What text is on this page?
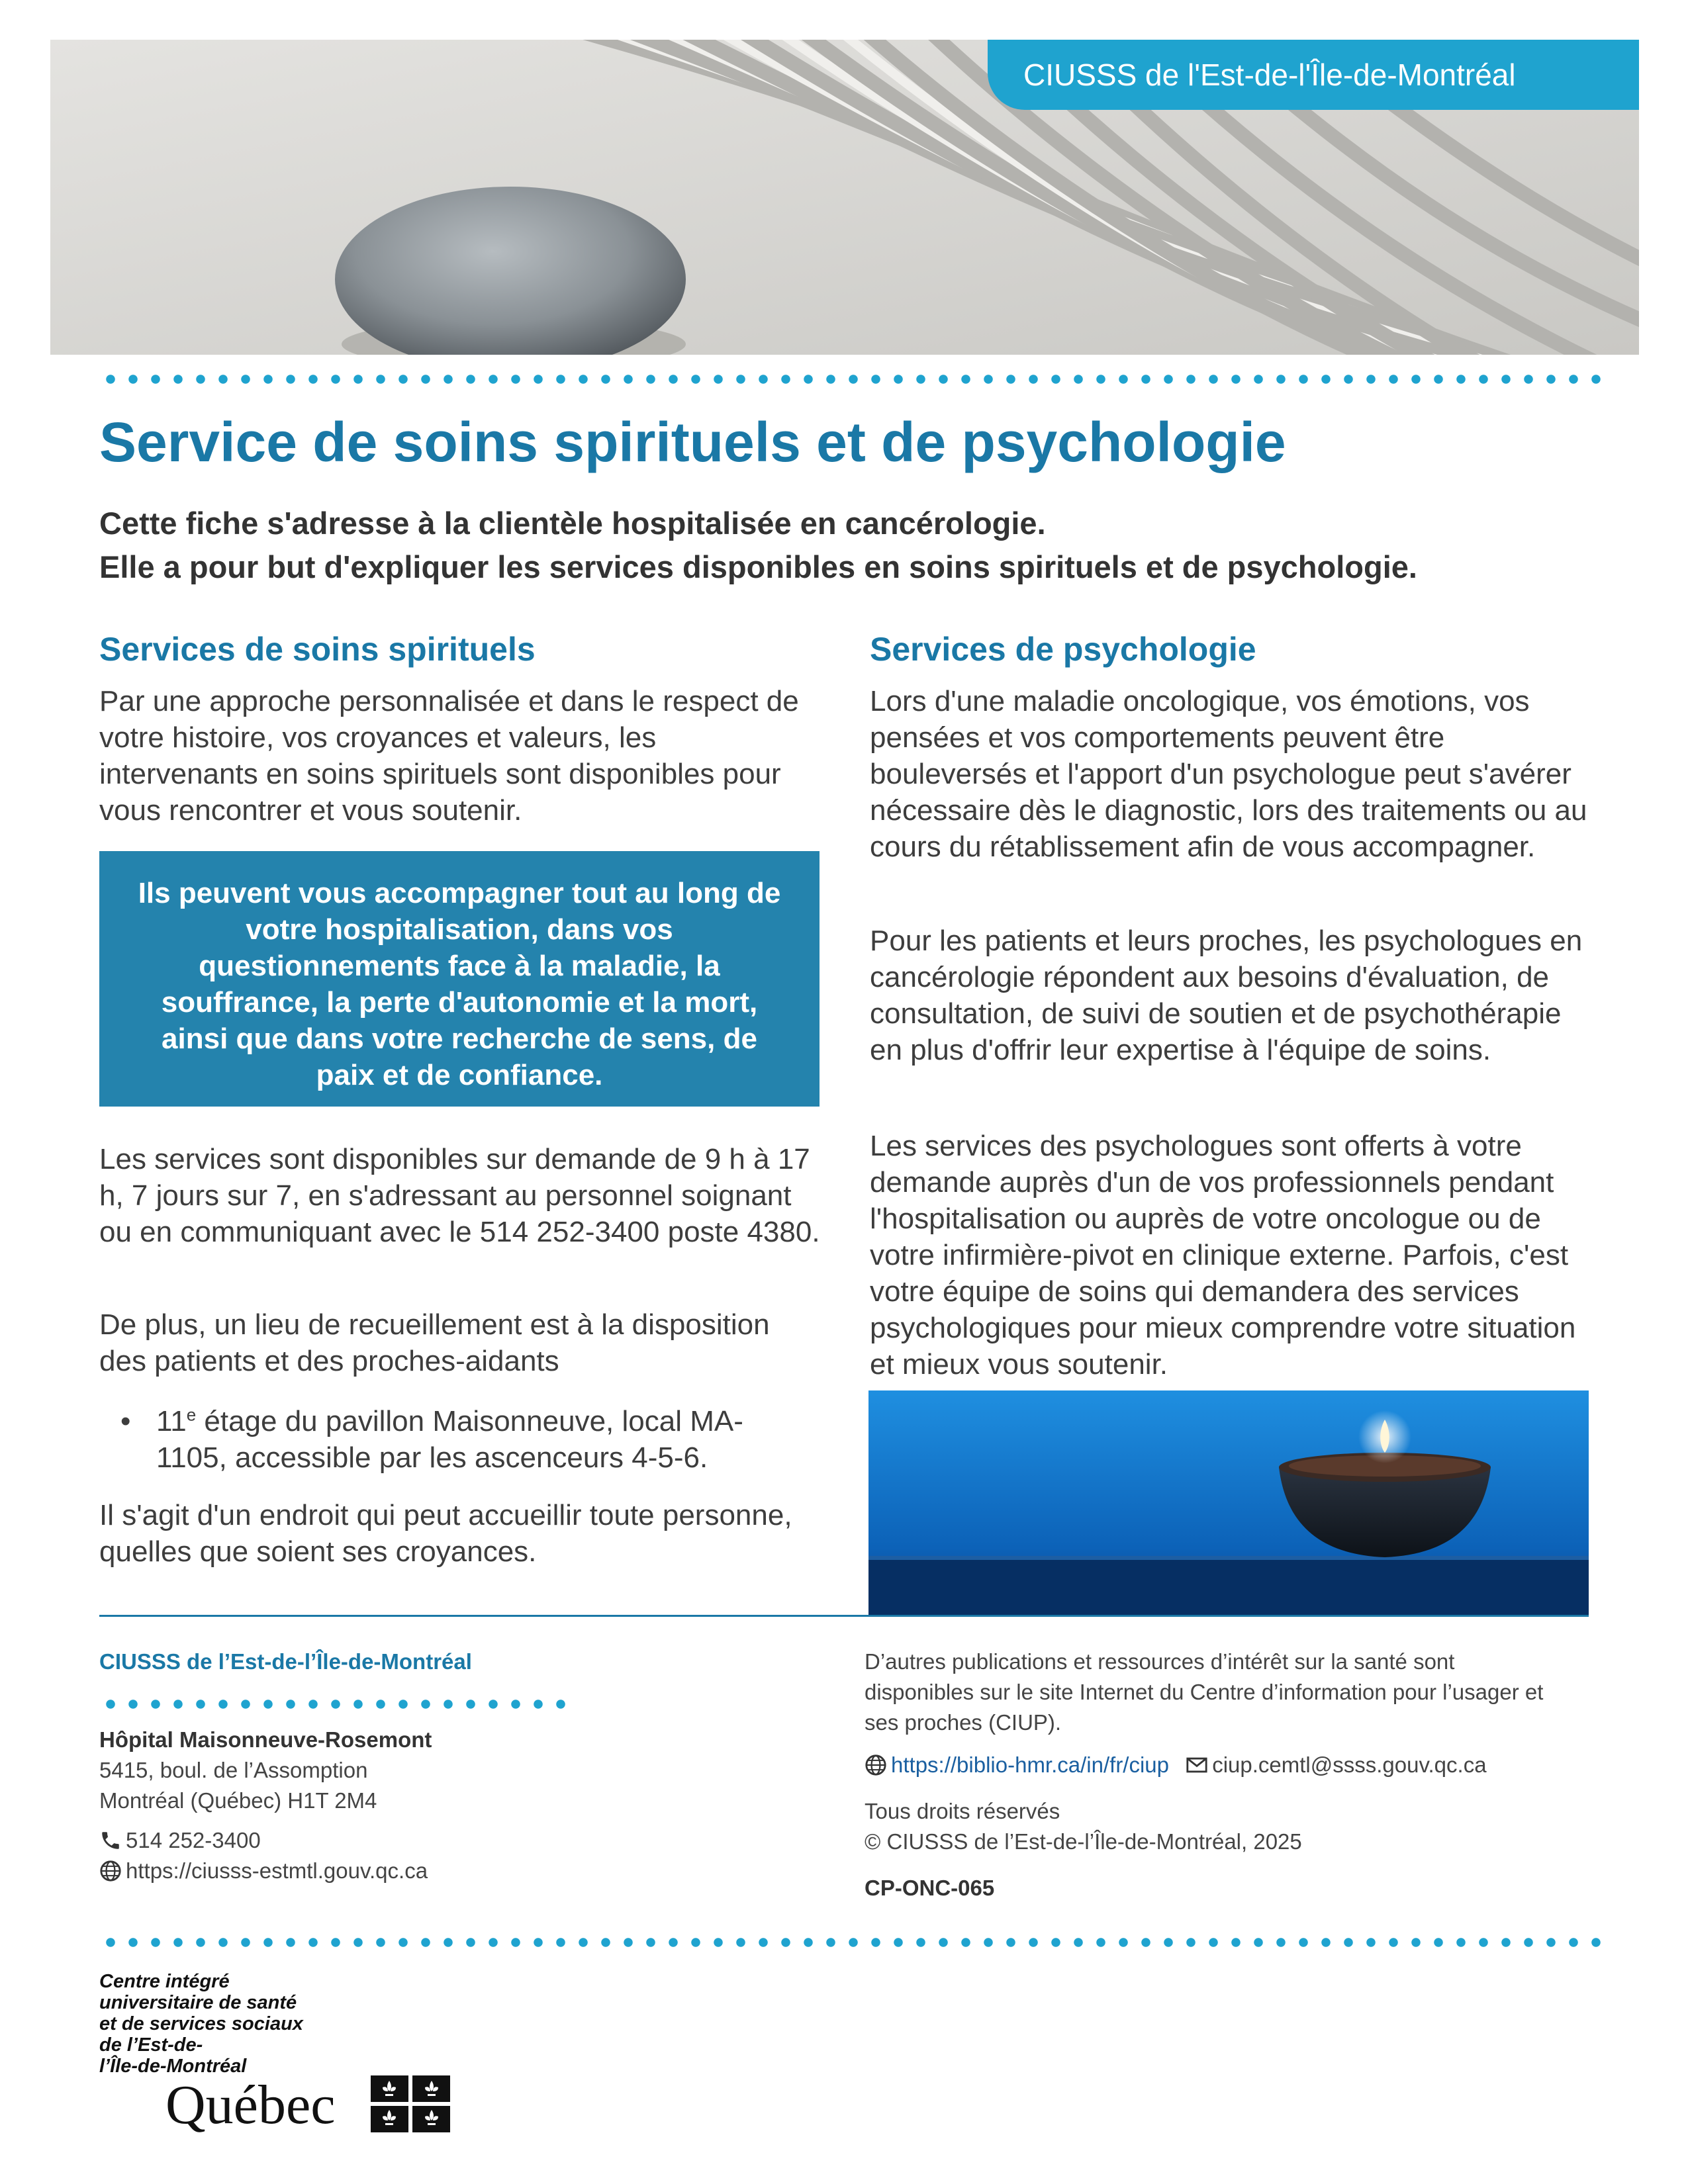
CIUSSS de l'Est-de-l'Île-de-Montréal
Service de soins spirituels et de psychologie
Cette fiche s'adresse à la clientèle hospitalisée en cancérologie.
Elle a pour but d'expliquer les services disponibles en soins spirituels et de psychologie.
Services de soins spirituels

Par une approche personnalisée et dans le respect de votre histoire, vos croyances et valeurs, les intervenants en soins spirituels sont disponibles pour vous rencontrer et vous soutenir.

Ils peuvent vous accompagner tout au long de votre hospitalisation, dans vos questionnements face à la maladie, la souffrance, la perte d'autonomie et la mort, ainsi que dans votre recherche de sens, de paix et de confiance.

Les services sont disponibles sur demande de 9 h à 17 h, 7 jours sur 7, en s'adressant au personnel soignant ou en communiquant avec le 514 252-3400 poste 4380.

De plus, un lieu de recueillement est à la disposition des patients et des proches-aidants

• 11e étage du pavillon Maisonneuve, local MA-1105, accessible par les ascenceurs 4-5-6.

Il s'agit d'un endroit qui peut accueillir toute personne, quelles que soient ses croyances.

Services de psychologie

Lors d'une maladie oncologique, vos émotions, vos pensées et vos comportements peuvent être bouleversés et l'apport d'un psychologue peut s'avérer nécessaire dès le diagnostic, lors des traitements ou au cours du rétablissement afin de vous accompagner.

Pour les patients et leurs proches, les psychologues en cancérologie répondent aux besoins d'évaluation, de consultation, de suivi de soutien et de psychothérapie en plus d'offrir leur expertise à l'équipe de soins.

Les services des psychologues sont offerts à votre demande auprès d'un de vos professionnels pendant l'hospitalisation ou auprès de votre oncologue ou de votre infirmière-pivot en clinique externe. Parfois, c'est votre équipe de soins qui demandera des services psychologiques pour mieux comprendre votre situation et mieux vous soutenir.

CIUSSS de l’Est-de-l’Île-de-Montréal
Hôpital Maisonneuve-Rosemont
5415, boul. de l’Assomption
Montréal (Québec) H1T 2M4
514 252-3400
https://ciusss-estmtl.gouv.qc.ca
D’autres publications et ressources d’intérêt sur la santé sont disponibles sur le site Internet du Centre d’information pour l’usager et ses proches (CIUP).
https://biblio-hmr.ca/in/fr/ciup ciup.cemtl@ssss.gouv.qc.ca
Tous droits réservés
© CIUSSS de l’Est-de-l’Île-de-Montréal, 2025
CP-ONC-065
Centre intégré
universitaire de santé
et de services sociaux
de l’Est-de-
l’Île-de-Montréal
Québec
